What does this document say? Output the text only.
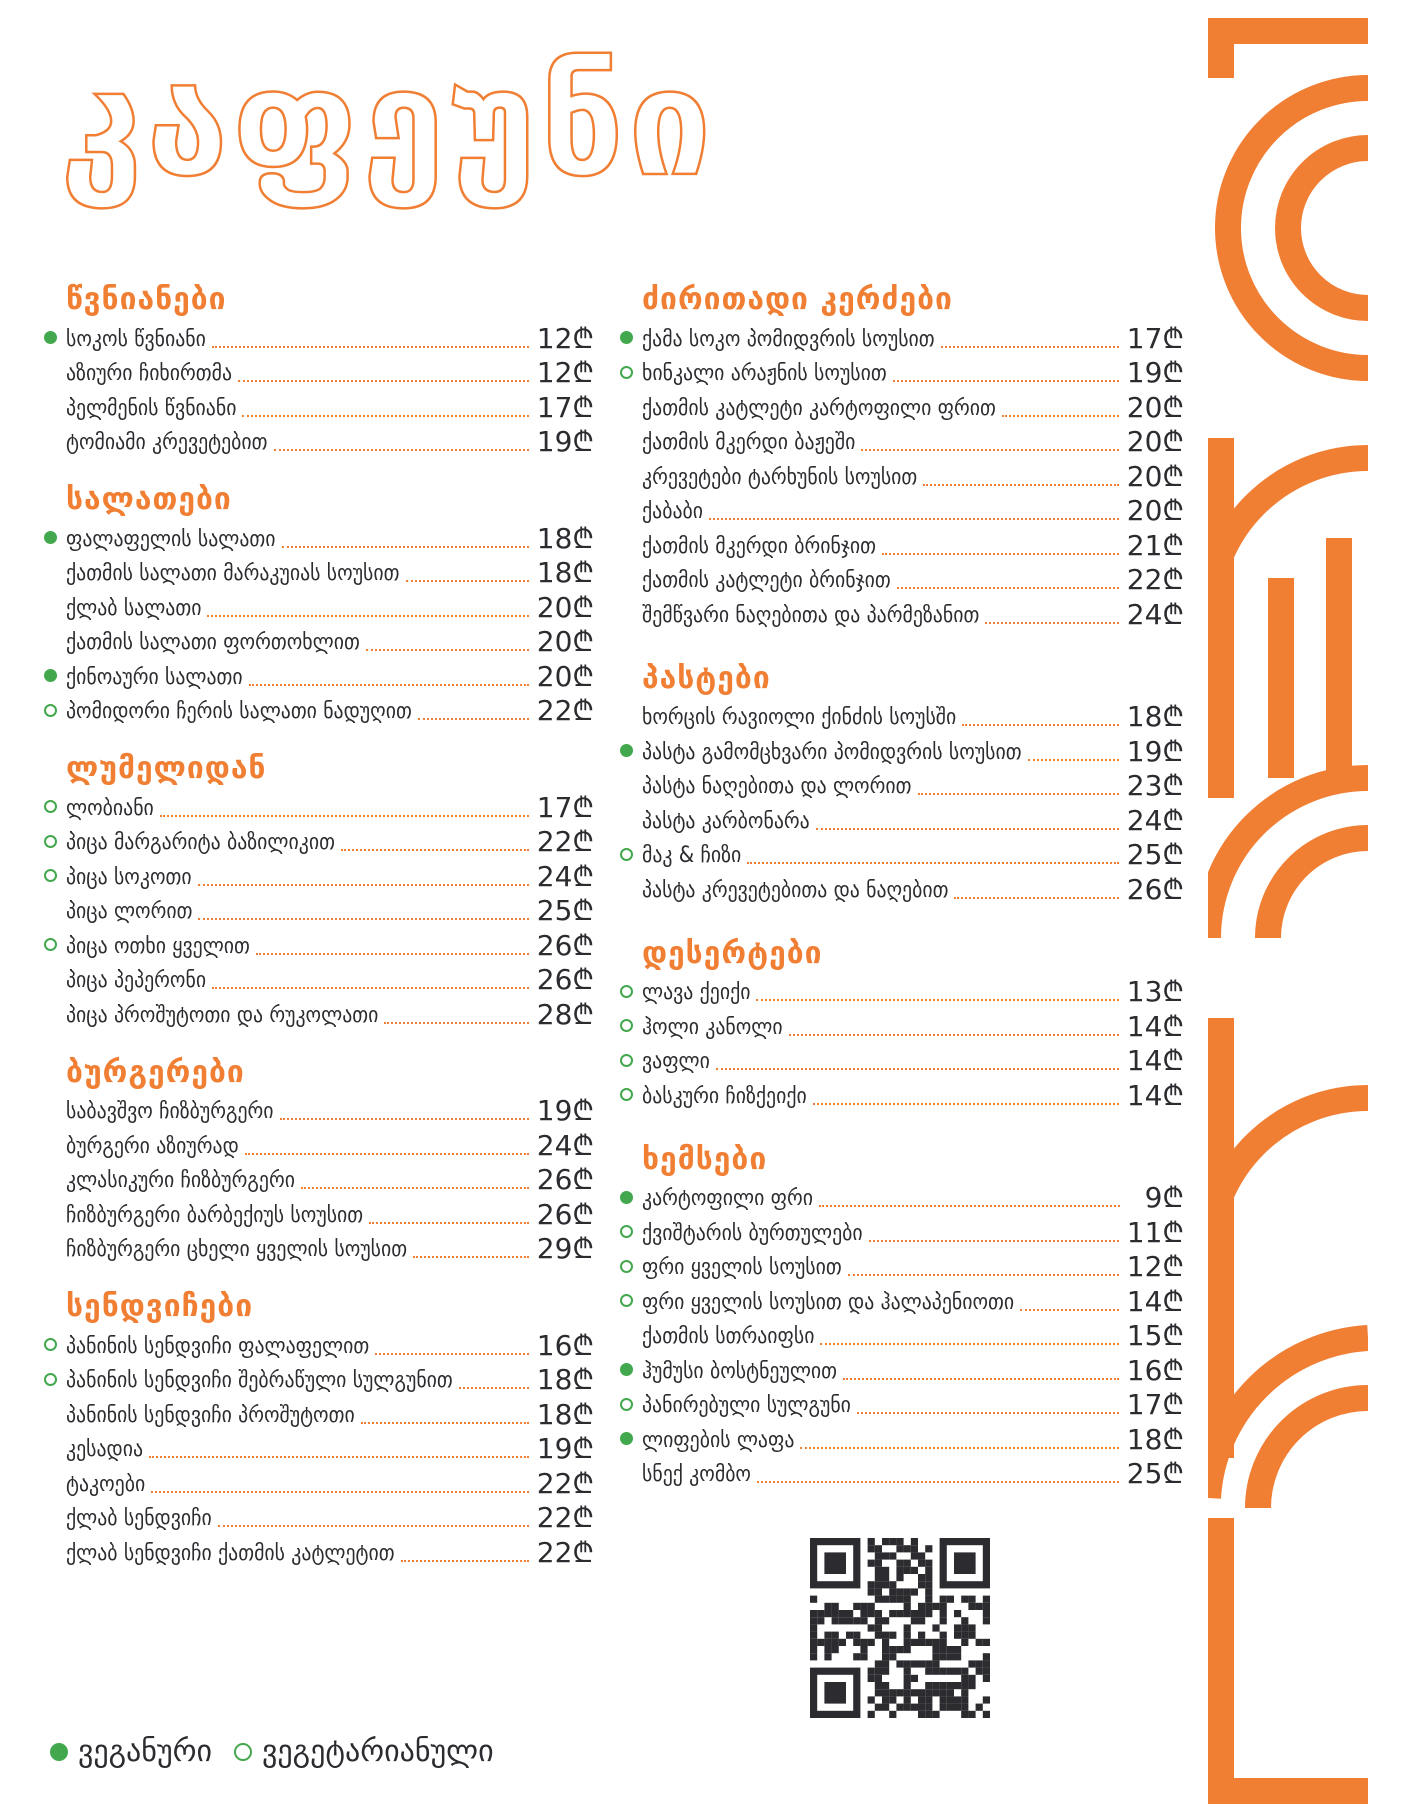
კაფეუნი
წვნიანები
სოკოს წვნიანი	12₾
აზიური ჩიხირთმა	12₾
პელმენის წვნიანი	17₾
ტომიამი კრევეტებით	19₾
სალათები
ფალაფელის სალათი	18₾
ქათმის სალათი მარაკუიას სოუსით	18₾
ქლაბ სალათი	20₾
ქათმის სალათი ფორთოხლით	20₾
ქინოაური სალათი	20₾
პომიდორი ჩერის სალათი ნადუღით	22₾
ლუმელიდან
ლობიანი	17₾
პიცა მარგარიტა ბაზილიკით	22₾
პიცა სოკოთი	24₾
პიცა ლორით	25₾
პიცა ოთხი ყველით	26₾
პიცა პეპერონი	26₾
პიცა პროშუტოთი და რუკოლათი	28₾
ბურგერები
საბავშვო ჩიზბურგერი	19₾
ბურგერი აზიურად	24₾
კლასიკური ჩიზბურგერი	26₾
ჩიზბურგერი ბარბექიუს სოუსით	26₾
ჩიზბურგერი ცხელი ყველის სოუსით	29₾
სენდვიჩები
პანინის სენდვიჩი ფალაფელით	16₾
პანინის სენდვიჩი შებრაწული სულგუნით	18₾
პანინის სენდვიჩი პროშუტოთი	18₾
კესადია	19₾
ტაკოები	22₾
ქლაბ სენდვიჩი	22₾
ქლაბ სენდვიჩი ქათმის კატლეტით	22₾
ძირითადი კერძები
ქამა სოკო პომიდვრის სოუსით	17₾
ხინკალი არაჟნის სოუსით	19₾
ქათმის კატლეტი კარტოფილი ფრით	20₾
ქათმის მკერდი ბაჟეში	20₾
კრევეტები ტარხუნის სოუსით	20₾
ქაბაბი	20₾
ქათმის მკერდი ბრინჯით	21₾
ქათმის კატლეტი ბრინჯით	22₾
შემწვარი ნაღებითა და პარმეზანით	24₾
პასტები
ხორცის რავიოლი ქინძის სოუსში	18₾
პასტა გამომცხვარი პომიდვრის სოუსით	19₾
პასტა ნაღებითა და ლორით	23₾
პასტა კარბონარა	24₾
მაკ & ჩიზი	25₾
პასტა კრევეტებითა და ნაღებით	26₾
დესერტები
ლავა ქეიქი	13₾
ჰოლი კანოლი	14₾
ვაფლი	14₾
ბასკური ჩიზქეიქი	14₾
ხემსები
კარტოფილი ფრი	9₾
ქვიშტარის ბურთულები	11₾
ფრი ყველის სოუსით	12₾
ფრი ყველის სოუსით და ჰალაპენიოთი	14₾
ქათმის სთრაიფსი	15₾
ჰუმუსი ბოსტნეულით	16₾
პანირებული სულგუნი	17₾
ლიფების ლაფა	18₾
სნექ კომბო	25₾
ვეგანური ვეგეტარიანული
